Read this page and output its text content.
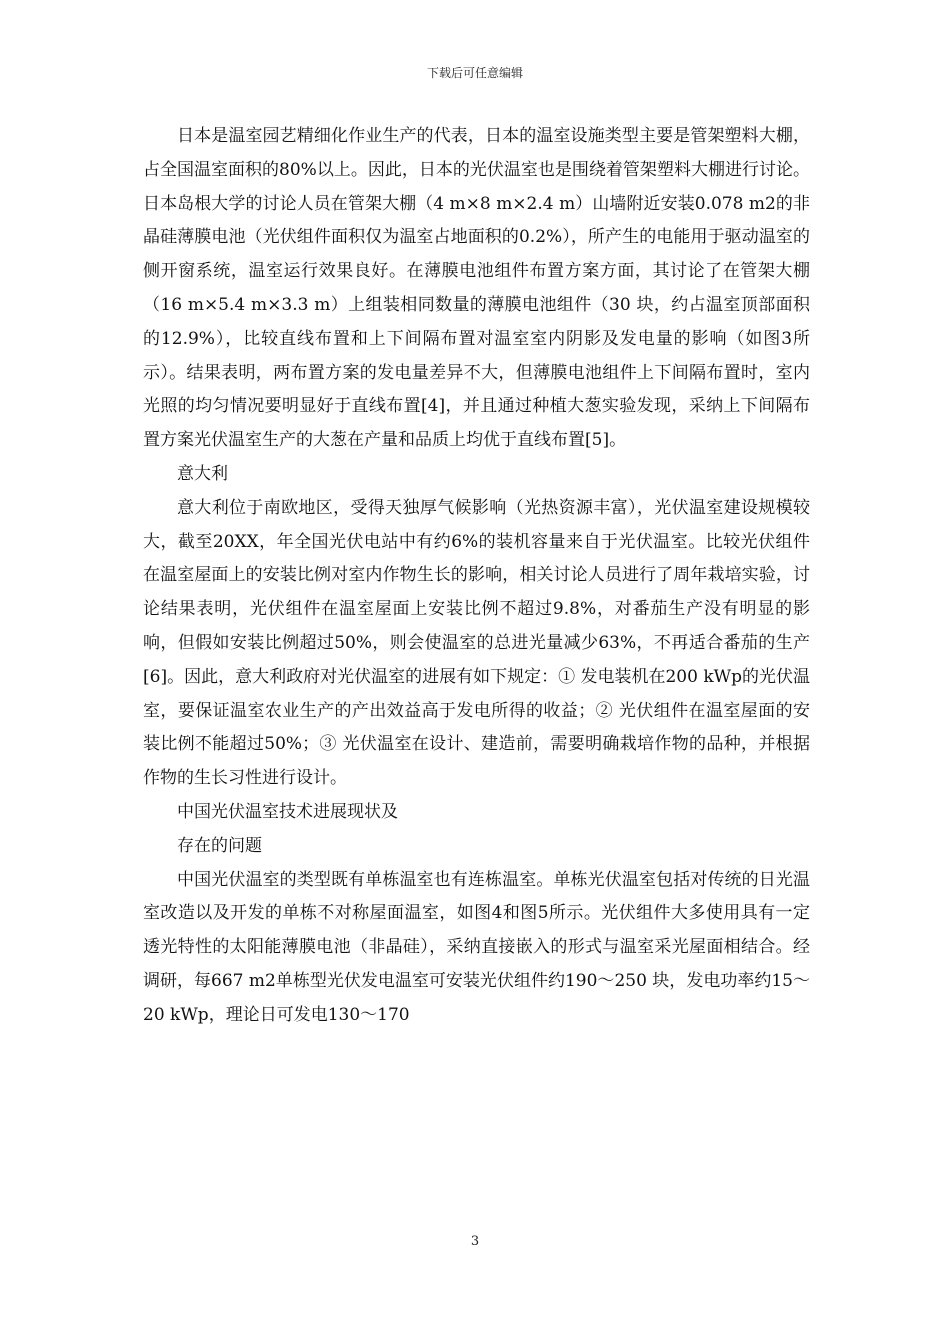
下载后可任意编辑

日本是温室园艺精细化作业生产的代表，日本的温室设施类型主要是管架塑料大棚，占全国温室面积的80%以上。因此，日本的光伏温室也是围绕着管架塑料大棚进行讨论。日本岛根大学的讨论人员在管架大棚（4 m×8 m×2.4 m）山墙附近安装0.078 m2的非晶硅薄膜电池（光伏组件面积仅为温室占地面积的0.2%），所产生的电能用于驱动温室的侧开窗系统，温室运行效果良好。在薄膜电池组件布置方案方面，其讨论了在管架大棚（16 m×5.4 m×3.3 m）上组装相同数量的薄膜电池组件（30 块，约占温室顶部面积的12.9%），比较直线布置和上下间隔布置对温室室内阴影及发电量的影响（如图3所示）。结果表明，两布置方案的发电量差异不大，但薄膜电池组件上下间隔布置时，室内光照的均匀情况要明显好于直线布置[4]，并且通过种植大葱实验发现，采纳上下间隔布置方案光伏温室生产的大葱在产量和品质上均优于直线布置[5]。

意大利

意大利位于南欧地区，受得天独厚气候影响（光热资源丰富），光伏温室建设规模较大，截至20XX，年全国光伏电站中有约6%的装机容量来自于光伏温室。比较光伏组件在温室屋面上的安装比例对室内作物生长的影响，相关讨论人员进行了周年栽培实验，讨论结果表明，光伏组件在温室屋面上安装比例不超过9.8%，对番茄生产没有明显的影响，但假如安装比例超过50%，则会使温室的总进光量减少63%，不再适合番茄的生产[6]。因此，意大利政府对光伏温室的进展有如下规定：① 发电装机在200 kWp的光伏温室，要保证温室农业生产的产出效益高于发电所得的收益；② 光伏组件在温室屋面的安装比例不能超过50%；③ 光伏温室在设计、建造前，需要明确栽培作物的品种，并根据作物的生长习性进行设计。

中国光伏温室技术进展现状及

存在的问题

中国光伏温室的类型既有单栋温室也有连栋温室。单栋光伏温室包括对传统的日光温室改造以及开发的单栋不对称屋面温室，如图4和图5所示。光伏组件大多使用具有一定透光特性的太阳能薄膜电池（非晶硅），采纳直接嵌入的形式与温室采光屋面相结合。经调研，每667 m2单栋型光伏发电温室可安装光伏组件约190～250 块，发电功率约15～20 kWp，理论日可发电130～170

3
